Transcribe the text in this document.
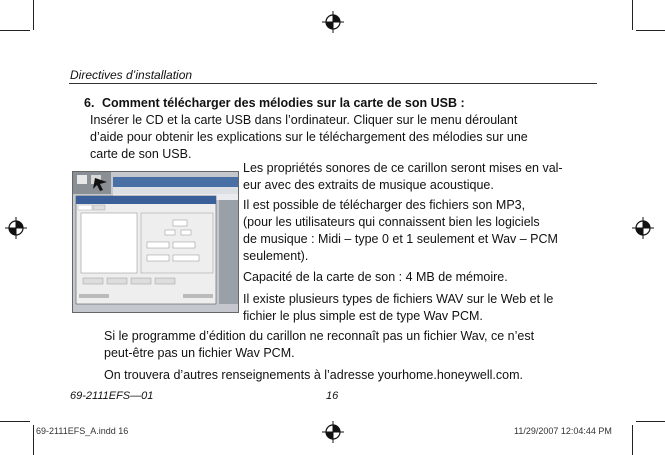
Directives d’installation
6. Comment télécharger des mélodies sur la carte de son USB :
Insérer le CD et la carte USB dans l’ordinateur. Cliquer sur le menu déroulant
d’aide pour obtenir les explications sur le téléchargement des mélodies sur une
carte de son USB.
Les propriétés sonores de ce carillon seront mises en val-
eur avec des extraits de musique acoustique.
Il est possible de télécharger des fichiers son MP3,
(pour les utilisateurs qui connaissent bien les logiciels
de musique : Midi – type 0 et 1 seulement et Wav – PCM
seulement).
Capacité de la carte de son : 4 MB de mémoire.
Il existe plusieurs types de fichiers WAV sur le Web et le
fichier le plus simple est de type Wav PCM.
Si le programme d’édition du carillon ne reconnaît pas un fichier Wav, ce n’est
peut-être pas un fichier Wav PCM.
On trouvera d’autres renseignements à l’adresse yourhome.honeywell.com.
69-2111EFS—01	16
69-2111EFS_A.indd 16	11/29/2007 12:04:44 PM
